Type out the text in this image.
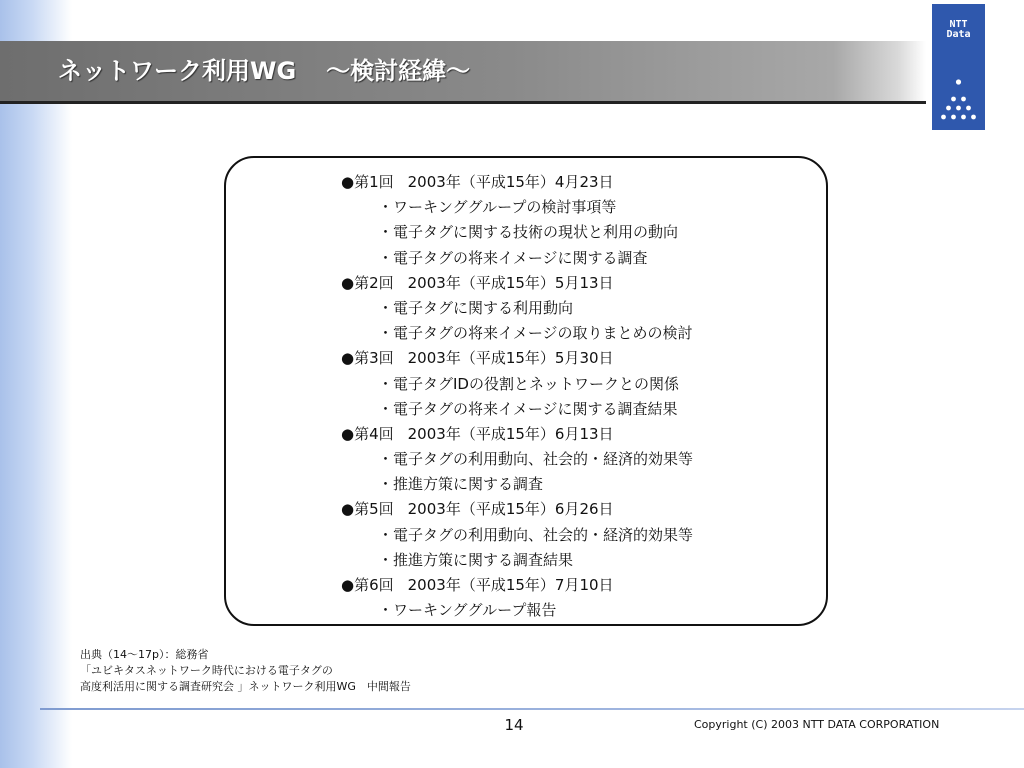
ネットワーク利用WG ～検討経緯～
NTT
Data
●第1回 2003年（平成15年）4月23日
・ワーキンググループの検討事項等
・電子タグに関する技術の現状と利用の動向
・電子タグの将来イメージに関する調査
●第2回 2003年（平成15年）5月13日
・電子タグに関する利用動向
・電子タグの将来イメージの取りまとめの検討
●第3回 2003年（平成15年）5月30日
・電子タグIDの役割とネットワークとの関係
・電子タグの将来イメージに関する調査結果
●第4回 2003年（平成15年）6月13日
・電子タグの利用動向、社会的・経済的効果等
・推進方策に関する調査
●第5回 2003年（平成15年）6月26日
・電子タグの利用動向、社会的・経済的効果等
・推進方策に関する調査結果
●第6回 2003年（平成15年）7月10日
・ワーキンググループ報告
出典（14～17p）：総務省
「ユビキタスネットワーク時代における電子タグの
高度利活用に関する調査研究会 」ネットワーク利用WG　中間報告
14	Copyright (C) 2003 NTT DATA CORPORATION
